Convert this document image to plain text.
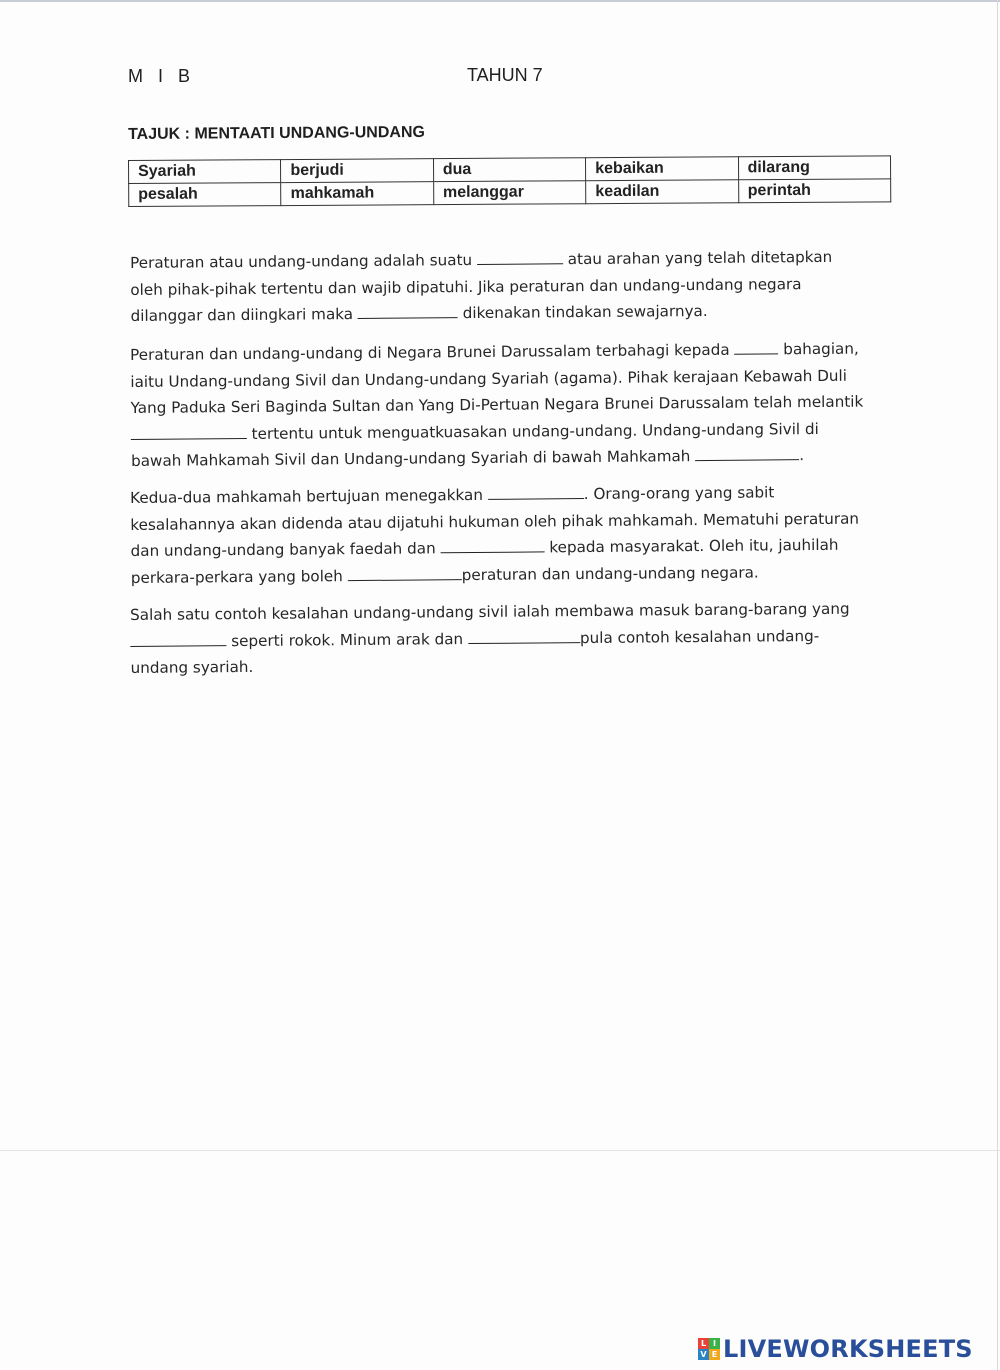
M I B	TAHUN 7
TAJUK : MENTAATI UNDANG-UNDANG
Syariah	berjudi	dua	kebaikan	dilarang
pesalah	mahkamah	melanggar	keadilan	perintah
Peraturan atau undang-undang adalah suatu	atau arahan yang telah ditetapkan
oleh pihak-pihak tertentu dan wajib dipatuhi. Jika peraturan dan undang-undang negara
dilanggar dan diingkari maka	dikenakan tindakan sewajarnya.
Peraturan dan undang-undang di Negara Brunei Darussalam terbahagi kepada	bahagian,
iaitu Undang-undang Sivil dan Undang-undang Syariah (agama). Pihak kerajaan Kebawah Duli
Yang Paduka Seri Baginda Sultan dan Yang Di-Pertuan Negara Brunei Darussalam telah melantik
tertentu untuk menguatkuasakan undang-undang. Undang-undang Sivil di
bawah Mahkamah Sivil dan Undang-undang Syariah di bawah Mahkamah	.
Kedua-dua mahkamah bertujuan menegakkan	. Orang-orang yang sabit
kesalahannya akan didenda atau dijatuhi hukuman oleh pihak mahkamah. Mematuhi peraturan
dan undang-undang banyak faedah dan	kepada masyarakat. Oleh itu, jauhilah
perkara-perkara yang boleh	peraturan dan undang-undang negara.
Salah satu contoh kesalahan undang-undang sivil ialah membawa masuk barang-barang yang
seperti rokok. Minum arak dan	pula contoh kesalahan undang-
undang syariah.
L I
V E LIVEWORKSHEETS
